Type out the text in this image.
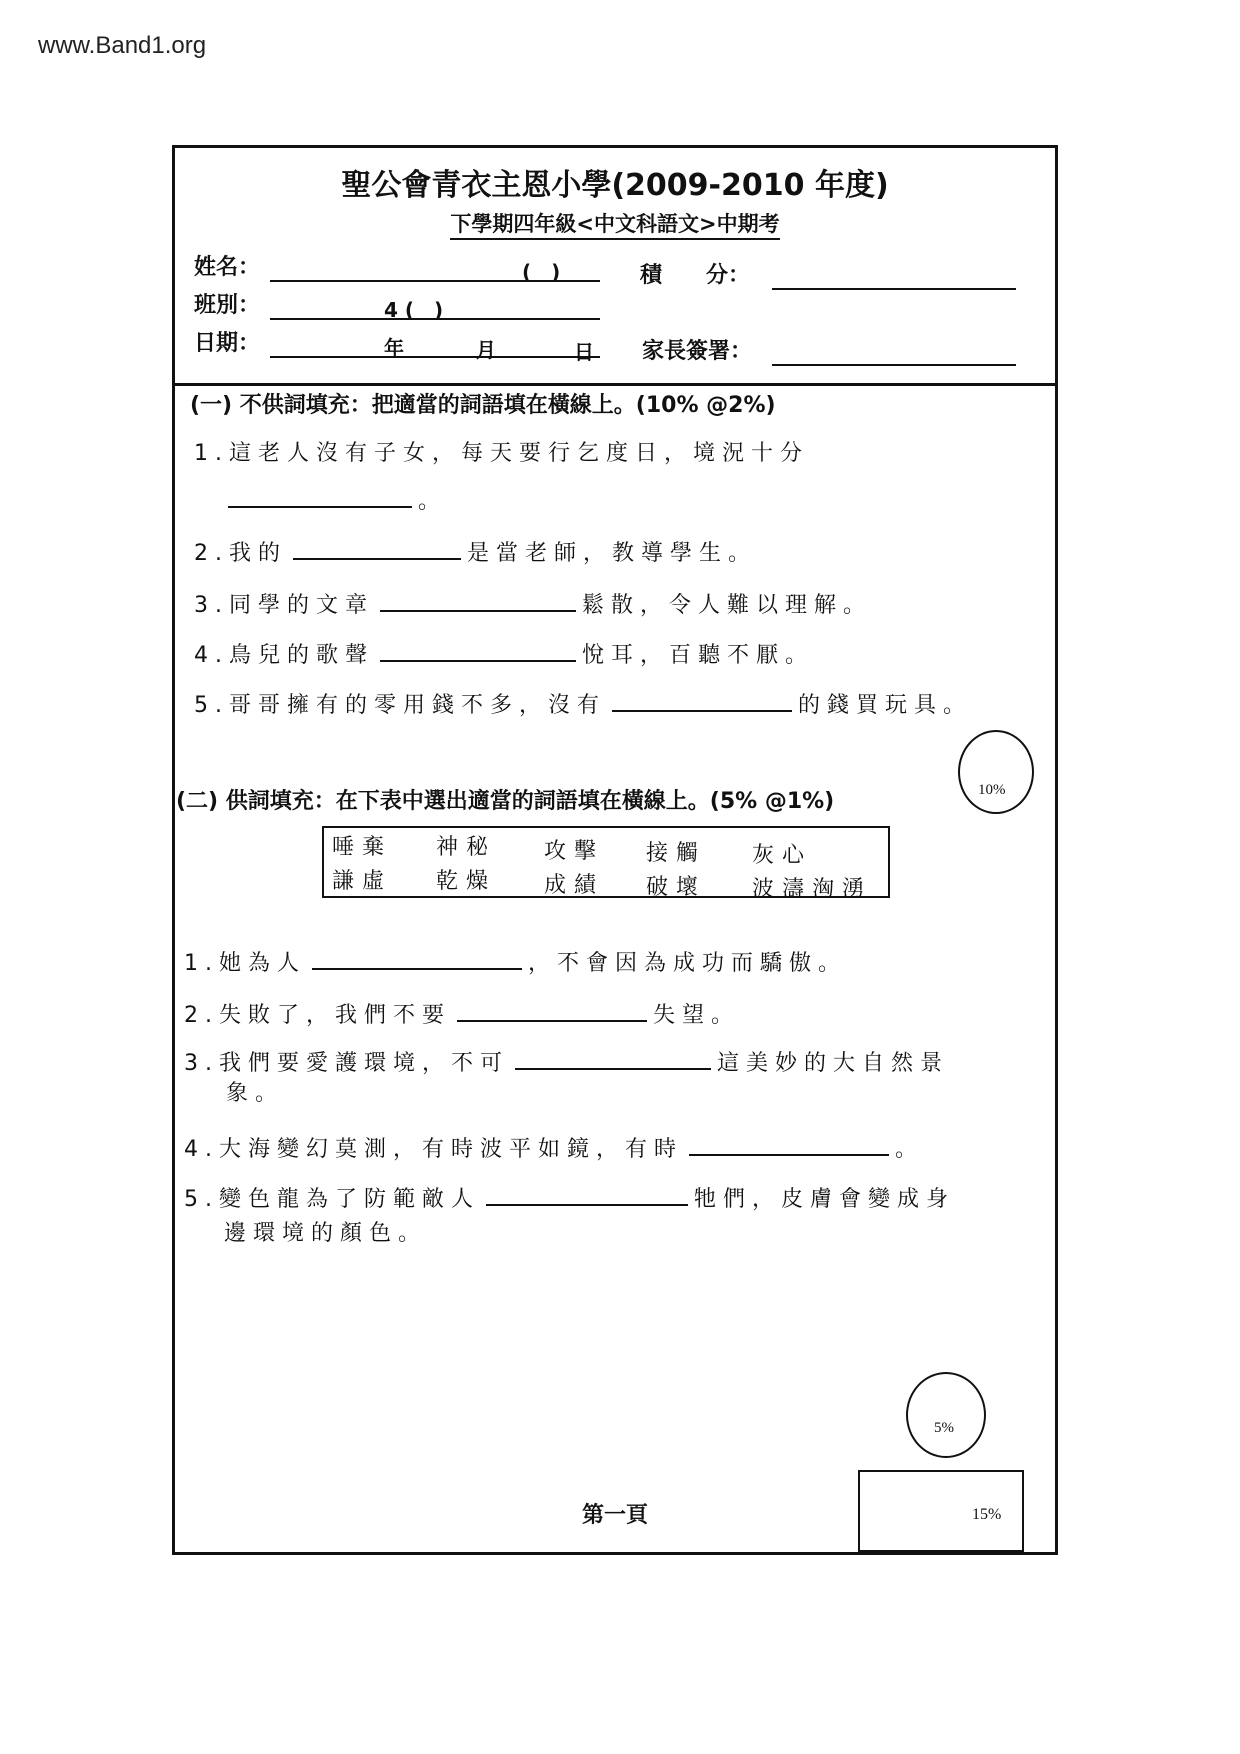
www.Band1.org
聖公會青衣主恩小學(2009-2010 年度)
下學期四年級<中文科語文>中期考
姓名：	(　)	積　　分：
班別：	4 (　)
日期：	年	月	日 家長簽署：
(一) 不供詞填充：把適當的詞語填在橫線上。(10% @2%)
1.這老人沒有子女，每天要行乞度日，境況十分
。
2.我的	是當老師，教導學生。
3.同學的文章	鬆散，令人難以理解。
4.鳥兒的歌聲	悅耳，百聽不厭。
5.哥哥擁有的零用錢不多，沒有	的錢買玩具。
10%
(二) 供詞填充：在下表中選出適當的詞語填在橫線上。(5% @1%)
唾棄 神秘 攻擊 接觸 灰心
謙虛 乾燥 成績 破壞 波濤洶湧
1.她為人	，不會因為成功而驕傲。
2.失敗了，我們不要	失望。
3.我們要愛護環境，不可	這美妙的大自然景
象。
4.大海變幻莫測，有時波平如鏡，有時	。
5.變色龍為了防範敵人	牠們，皮膚會變成身
邊環境的顏色。
5%
第一頁	15%
